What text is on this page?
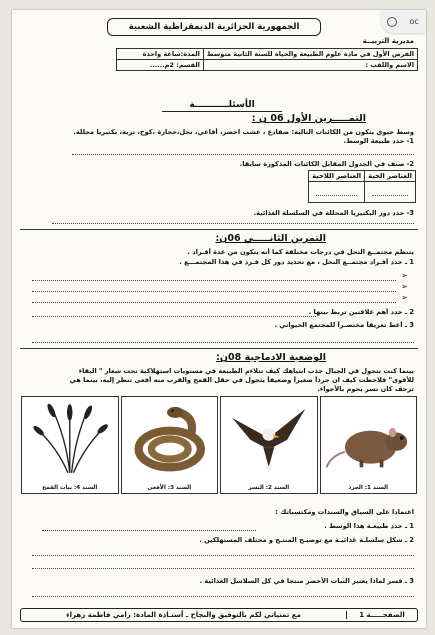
oc
الجمهورية الجزائرية الديمقراطية الشعبية
مديرية التربيــة
الفرض الأول في مادة علوم الطبيعة والحياة للسنة الثانية متوسط	المدة:ساعة واحدة
الاسم واللقب :	القسم: 2م......
الأسئلـــــــــــة
التمـــــرين الأول 06 ن :
وسط حيوي يتكون من الكائنات التالية: ضفادع ، عشب اخضر، أفاعي، نحل،حجارة ،كوخ، تربة، بكتيريا محللة.
1- حدد طبيعة الوسط.
2- صنف في الجدول المقابل الكائنات المذكورة سابقا.
العناصر الحية	العناصر اللاحية

3- حدد دور البكتيريا المحللة في السلسلة الغذائية.
التمرين الثانـــــي 06ن:
يتنظم مجتمــع النحل في درجات مختلفة كما أنه يتكون من عدة أفـراد .
1 ـ حدد أفـراد مجتمــع النحل ، مع تحديد دور كل فـرد في هذا المجتمـــع .
➢
➢
➢
2 ـ حدد أهم علاقتين تربط بينها .
3 ـ أعط تعريفاً مختصـراً للمجتمع الحيواني .
الوضعية الادماجية 08ن:
بينما كنت تتجول في الجبال جذب انتباهك كيف تتلاءم الطبيعة في مستويات استهلاكية تحت شعار " البقاء
للأقوى" فلاحظت كيف ان جرذاً صغيراً وضعيفاً يتجول في حقل القمح والقرب منه أفعى تنظر إليه، بينما هي
تزحف كان نسر يحوم بالأجواء.
السند 1: الجرذ
السند 2: النسر
السند 3: الأفعى
السند 4: نبات القمح
اعتمادا على السياق والسندات ومكتسباتك :
1 ـ حدد طبيعـة هذا الوسط .
2 ـ شكل سلسلـة غذائيـة مع توضيـح المنتـج و مختلف المستهلكين .
3 ـ فسر لماذا يعتبر النبات الأخضر منتجا في كل السلاسل الغذائية .
الصفحـــــة 1
مع تمنياتي لكم بالتوفيق والنجاح ـ أستـاذة المادة: رامي فاطمة زهراء
